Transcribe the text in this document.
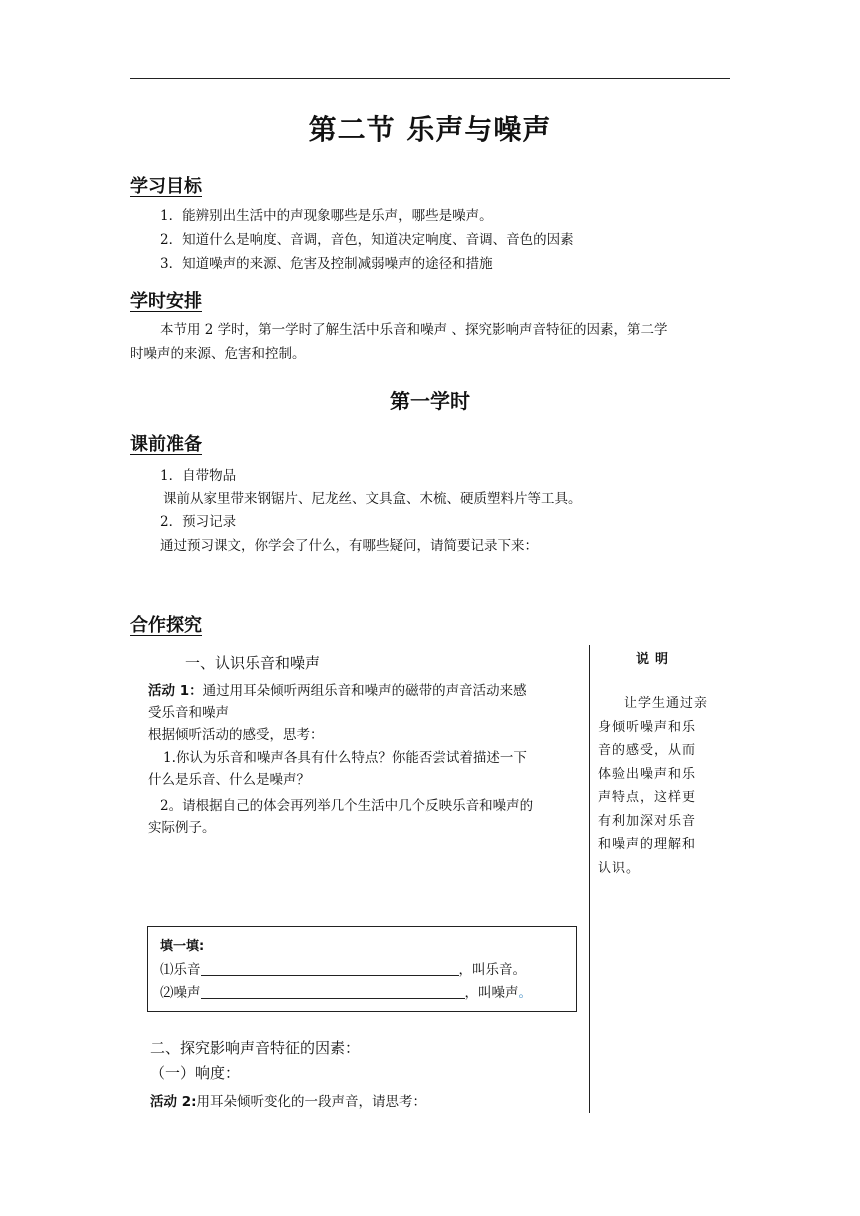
第二节 乐声与噪声
学习目标
1．能辨别出生活中的声现象哪些是乐声，哪些是噪声。
2．知道什么是响度、音调，音色，知道决定响度、音调、音色的因素
3．知道噪声的来源、危害及控制减弱噪声的途径和措施
学时安排
本节用 2 学时，第一学时了解生活中乐音和噪声 、探究影响声音特征的因素，第二学
时噪声的来源、危害和控制。
第一学时
课前准备
1．自带物品
课前从家里带来钢锯片、尼龙丝、文具盒、木梳、硬质塑料片等工具。
2．预习记录
通过预习课文，你学会了什么，有哪些疑问，请简要记录下来：
合作探究
一、认识乐音和噪声
活动 1：通过用耳朵倾听两组乐音和噪声的磁带的声音活动来感
受乐音和噪声
根据倾听活动的感受，思考：
1.你认为乐音和噪声各具有什么特点？你能否尝试着描述一下
什么是乐音、什么是噪声？
2。请根据自己的体会再列举几个生活中几个反映乐音和噪声的
实际例子。
填一填:
⑴乐音	，叫乐音。
⑵噪声	，叫噪声。
二、探究影响声音特征的因素：
（一）响度：
活动 2:用耳朵倾听变化的一段声音，请思考：
说明
让学生通过亲身倾听噪声和乐音的感受，从而体验出噪声和乐声特点，这样更有利加深对乐音和噪声的理解和认识。
